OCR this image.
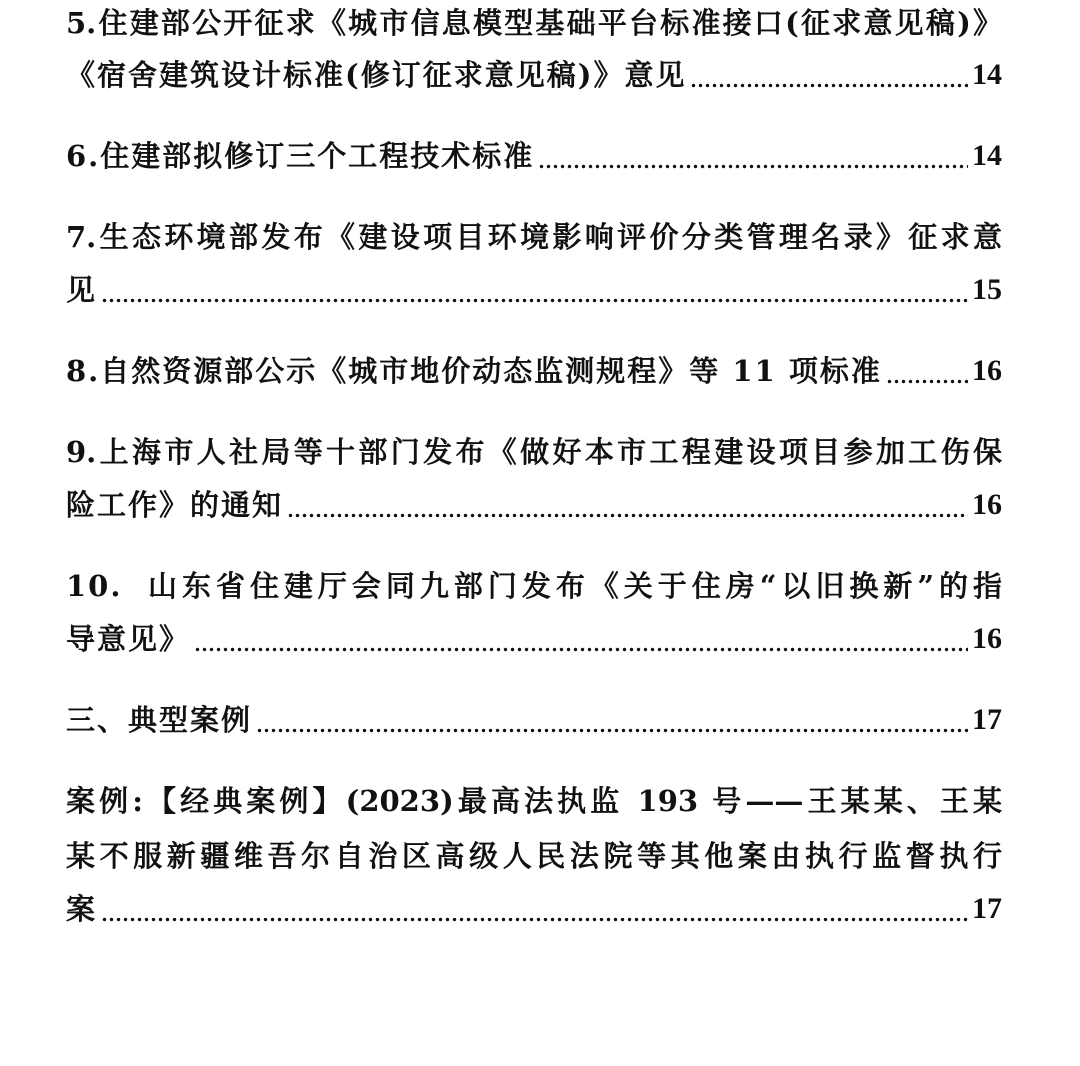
5.住建部公开征求《城市信息模型基础平台标准接口(征求意见稿)》
《宿舍建筑设计标准(修订征求意见稿)》意见	14
6.住建部拟修订三个工程技术标准	14
7.生态环境部发布《建设项目环境影响评价分类管理名录》征求意
见	15
8.自然资源部公示《城市地价动态监测规程》等 11 项标准	16
9.上海市人社局等十部门发布《做好本市工程建设项目参加工伤保
险工作》的通知	16
10. 山东省住建厅会同九部门发布《关于住房“以旧换新”的指
导意见》	16
三、典型案例	17
案例:【经典案例】(2023)最高法执监 193 号——王某某、王某
某不服新疆维吾尔自治区高级人民法院等其他案由执行监督执行
案	17
